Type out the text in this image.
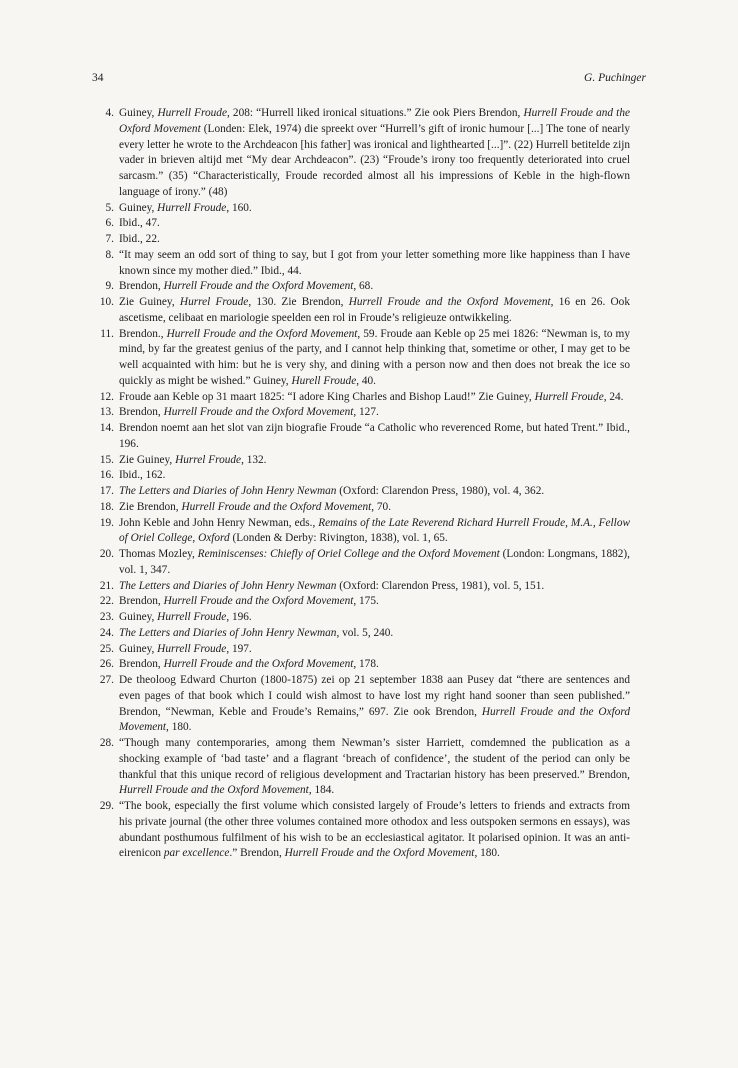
34	G. Puchinger
4 . Guiney, Hurrell Froude, 208: “Hurrell liked ironical situations.” Zie ook Piers Brendon, Hurrell Froude and the Oxford Movement (Londen: Elek, 1974) die spreekt over “Hurrell’s gift of ironic humour [...] The tone of nearly every letter he wrote to the Archdeacon [his father] was ironical and lighthearted [...]”. (22) Hurrell betitelde zijn vader in brieven altijd met “My dear Archdeacon”. (23) “Froude’s irony too frequently deteriorated into cruel sarcasm.” (35) “Characteristically, Froude recorded almost all his impressions of Keble in the high-flown language of irony.” (48)
5 . Guiney, Hurrell Froude, 160.
6 . Ibid., 47.
7 . Ibid., 22.
8 . “It may seem an odd sort of thing to say, but I got from your letter something more like happiness than I have known since my mother died.” Ibid., 44.
9 . Brendon, Hurrell Froude and the Oxford Movement, 68.
10 . Zie Guiney, Hurrel Froude, 130. Zie Brendon, Hurrell Froude and the Oxford Movement, 16 en 26. Ook ascetisme, celibaat en mariologie speelden een rol in Froude’s religieuze ontwikkeling.
11 . Brendon., Hurrell Froude and the Oxford Movement, 59. Froude aan Keble op 25 mei 1826: “Newman is, to my mind, by far the greatest genius of the party, and I cannot help thinking that, sometime or other, I may get to be well acquainted with him: but he is very shy, and dining with a person now and then does not break the ice so quickly as might be wished.” Guiney, Hurell Froude, 40.
12 . Froude aan Keble op 31 maart 1825: “I adore King Charles and Bishop Laud!” Zie Guiney, Hurrell Froude, 24.
13 . Brendon, Hurrell Froude and the Oxford Movement, 127.
14 . Brendon noemt aan het slot van zijn biografie Froude “a Catholic who reverenced Rome, but hated Trent.” Ibid., 196.
15 . Zie Guiney, Hurrel Froude, 132.
16 . Ibid., 162.
17 . The Letters and Diaries of John Henry Newman (Oxford: Clarendon Press, 1980), vol. 4, 362.
18 . Zie Brendon, Hurrell Froude and the Oxford Movement, 70.
19 . John Keble and John Henry Newman, eds., Remains of the Late Reverend Richard Hurrell Froude, M.A., Fellow of Oriel College, Oxford (Londen & Derby: Rivington, 1838), vol. 1, 65.
20 . Thomas Mozley, Reminiscenses: Chiefly of Oriel College and the Oxford Movement (London: Longmans, 1882), vol. 1, 347.
21 . The Letters and Diaries of John Henry Newman (Oxford: Clarendon Press, 1981), vol. 5, 151.
22 . Brendon, Hurrell Froude and the Oxford Movement, 175.
23 . Guiney, Hurrell Froude, 196.
24 . The Letters and Diaries of John Henry Newman, vol. 5, 240.
25 . Guiney, Hurrell Froude, 197.
26 . Brendon, Hurrell Froude and the Oxford Movement, 178.
27 . De theoloog Edward Churton (1800-1875) zei op 21 september 1838 aan Pusey dat “there are sentences and even pages of that book which I could wish almost to have lost my right hand sooner than seen published.” Brendon, “Newman, Keble and Froude’s Remains,” 697. Zie ook Brendon, Hurrell Froude and the Oxford Movement, 180.
28 . “Though many contemporaries, among them Newman’s sister Harriett, comdemned the publication as a shocking example of ‘bad taste’ and a flagrant ‘breach of confidence’, the student of the period can only be thankful that this unique record of religious development and Tractarian history has been preserved.” Brendon, Hurrell Froude and the Oxford Movement, 184.
29 . “The book, especially the first volume which consisted largely of Froude’s letters to friends and extracts from his private journal (the other three volumes contained more othodox and less outspoken sermons en essays), was abundant posthumous fulfilment of his wish to be an ecclesiastical agitator. It polarised opinion. It was an anti-eirenicon par excellence.” Brendon, Hurrell Froude and the Oxford Movement, 180.
